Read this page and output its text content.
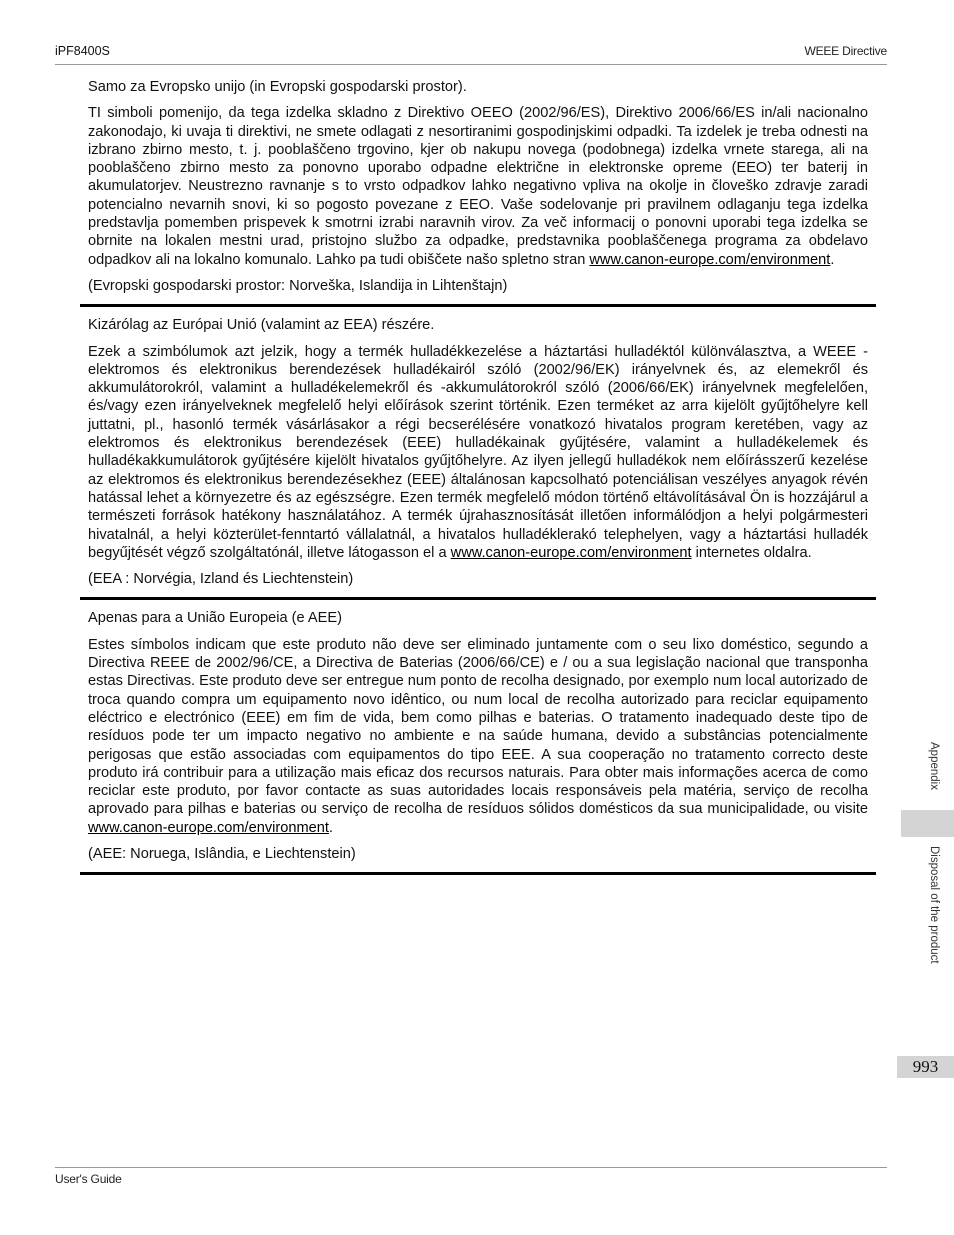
iPF8400S	WEEE Directive

Samo za Evropsko unijo (in Evropski gospodarski prostor).

TI simboli pomenijo, da tega izdelka skladno z Direktivo OEEO (2002/96/ES), Direktivo 2006/66/ES in/ali nacionalno zakonodajo, ki uvaja ti direktivi, ne smete odlagati z nesortiranimi gospodinjskimi odpadki. Ta izdelek je treba odnesti na izbrano zbirno mesto, t. j. pooblaščeno trgovino, kjer ob nakupu novega (podobnega) izdelka vrnete starega, ali na pooblaščeno zbirno mesto za ponovno uporabo odpadne električne in elektronske opreme (EEO) ter baterij in akumulatorjev. Neustrezno ravnanje s to vrsto odpadkov lahko negativno vpliva na okolje in človeško zdravje zaradi potencialno nevarnih snovi, ki so pogosto povezane z EEO. Vaše sodelovanje pri pravilnem odlaganju tega izdelka predstavlja pomemben prispevek k smotrni izrabi naravnih virov. Za več informacij o ponovni uporabi tega izdelka se obrnite na lokalen mestni urad, pristojno službo za odpadke, predstavnika pooblaščenega programa za obdelavo odpadkov ali na lokalno komunalo. Lahko pa tudi obiščete našo spletno stran www.canon-europe.com/environment.

(Evropski gospodarski prostor: Norveška, Islandija in Lihtenštajn)

Kizárólag az Európai Unió (valamint az EEA) részére.

Ezek a szimbólumok azt jelzik, hogy a termék hulladékkezelése a háztartási hulladéktól különválasztva, a WEEE - elektromos és elektronikus berendezések hulladékairól szóló (2002/96/EK) irányelvnek és, az elemekről és akkumulátorokról, valamint a hulladékelemekről és -akkumulátorokról szóló (2006/66/EK) irányelvnek megfelelően, és/vagy ezen irányelveknek megfelelő helyi előírások szerint történik. Ezen terméket az arra kijelölt gyűjtőhelyre kell juttatni, pl., hasonló termék vásárlásakor a régi becserélésére vonatkozó hivatalos program keretében, vagy az elektromos és elektronikus berendezések (EEE) hulladékainak gyűjtésére, valamint a hulladékelemek és hulladékakkumulátorok gyűjtésére kijelölt hivatalos gyűjtőhelyre. Az ilyen jellegű hulladékok nem előírásszerű kezelése az elektromos és elektronikus berendezésekhez (EEE) általánosan kapcsolható potenciálisan veszélyes anyagok révén hatással lehet a környezetre és az egészségre. Ezen termék megfelelő módon történő eltávolításával Ön is hozzájárul a természeti források hatékony használatához. A termék újrahasznosítását illetően informálódjon a helyi polgármesteri hivatalnál, a helyi közterület-fenntartó vállalatnál, a hivatalos hulladéklerakó telephelyen, vagy a háztartási hulladék begyűjtését végző szolgáltatónál, illetve látogasson el a www.canon-europe.com/environment internetes oldalra.

(EEA : Norvégia, Izland és Liechtenstein)

Apenas para a União Europeia (e AEE)

Estes símbolos indicam que este produto não deve ser eliminado juntamente com o seu lixo doméstico, segundo a Directiva REEE de 2002/96/CE, a Directiva de Baterias (2006/66/CE) e / ou a sua legislação nacional que transponha estas Directivas. Este produto deve ser entregue num ponto de recolha designado, por exemplo num local autorizado de troca quando compra um equipamento novo idêntico, ou num local de recolha autorizado para reciclar equipamento eléctrico e electrónico (EEE) em fim de vida, bem como pilhas e baterias. O tratamento inadequado deste tipo de resíduos pode ter um impacto negativo no ambiente e na saúde humana, devido a substâncias potencialmente perigosas que estão associadas com equipamentos do tipo EEE. A sua cooperação no tratamento correcto deste produto irá contribuir para a utilização mais eficaz dos recursos naturais. Para obter mais informações acerca de como reciclar este produto, por favor contacte as suas autoridades locais responsáveis pela matéria, serviço de recolha aprovado para pilhas e baterias ou serviço de recolha de resíduos sólidos domésticos da sua municipalidade, ou visite www.canon-europe.com/environment.

(AEE: Noruega, Islândia, e Liechtenstein)

Appendix
Disposal of the product
993
User's Guide
